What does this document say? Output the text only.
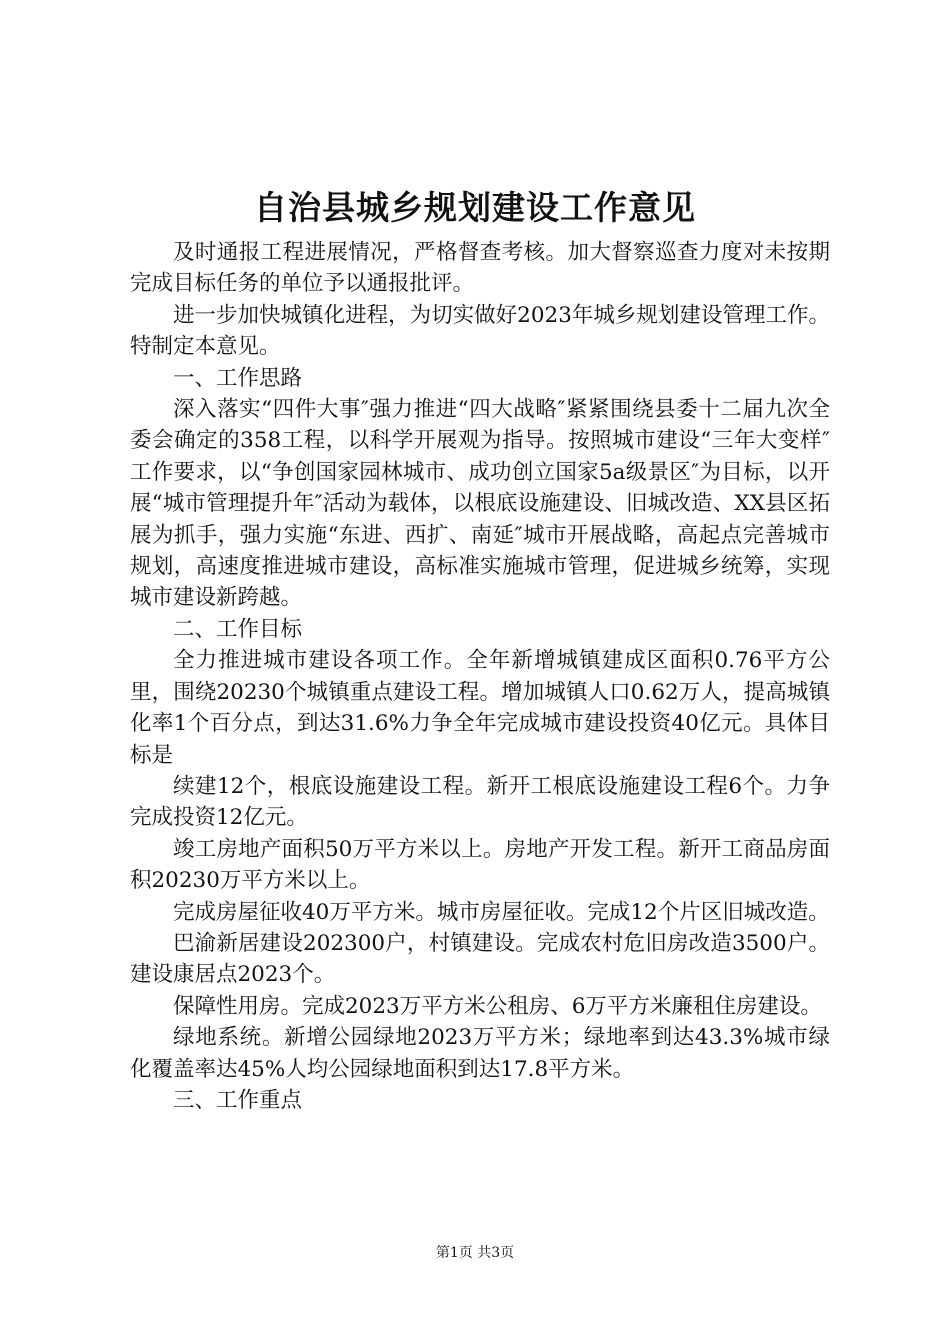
自治县城乡规划建设工作意见

及时通报工程进展情况，严格督查考核。加大督察巡查力度对未按期完成目标任务的单位予以通报批评。

进一步加快城镇化进程，为切实做好2023年城乡规划建设管理工作。特制定本意见。

一、工作思路

深入落实“四件大事″强力推进“四大战略″紧紧围绕县委十二届九次全委会确定的358工程，以科学开展观为指导。按照城市建设“三年大变样″工作要求，以“争创国家园林城市、成功创立国家5a级景区″为目标，以开展“城市管理提升年″活动为载体，以根底设施建设、旧城改造、XX县区拓展为抓手，强力实施“东进、西扩、南延″城市开展战略，高起点完善城市规划，高速度推进城市建设，高标准实施城市管理，促进城乡统筹，实现城市建设新跨越。

二、工作目标

全力推进城市建设各项工作。全年新增城镇建成区面积0.76平方公里，围绕20230个城镇重点建设工程。增加城镇人口0.62万人，提高城镇化率1个百分点，到达31.6%力争全年完成城市建设投资40亿元。具体目标是

续建12个，根底设施建设工程。新开工根底设施建设工程6个。力争完成投资12亿元。

竣工房地产面积50万平方米以上。房地产开发工程。新开工商品房面积20230万平方米以上。

完成房屋征收40万平方米。城市房屋征收。完成12个片区旧城改造。

巴渝新居建设202300户，村镇建设。完成农村危旧房改造3500户。建设康居点2023个。

保障性用房。完成2023万平方米公租房、6万平方米廉租住房建设。

绿地系统。新增公园绿地2023万平方米；绿地率到达43.3%城市绿化覆盖率达45%人均公园绿地面积到达17.8平方米。

三、工作重点

第1页 共3页
